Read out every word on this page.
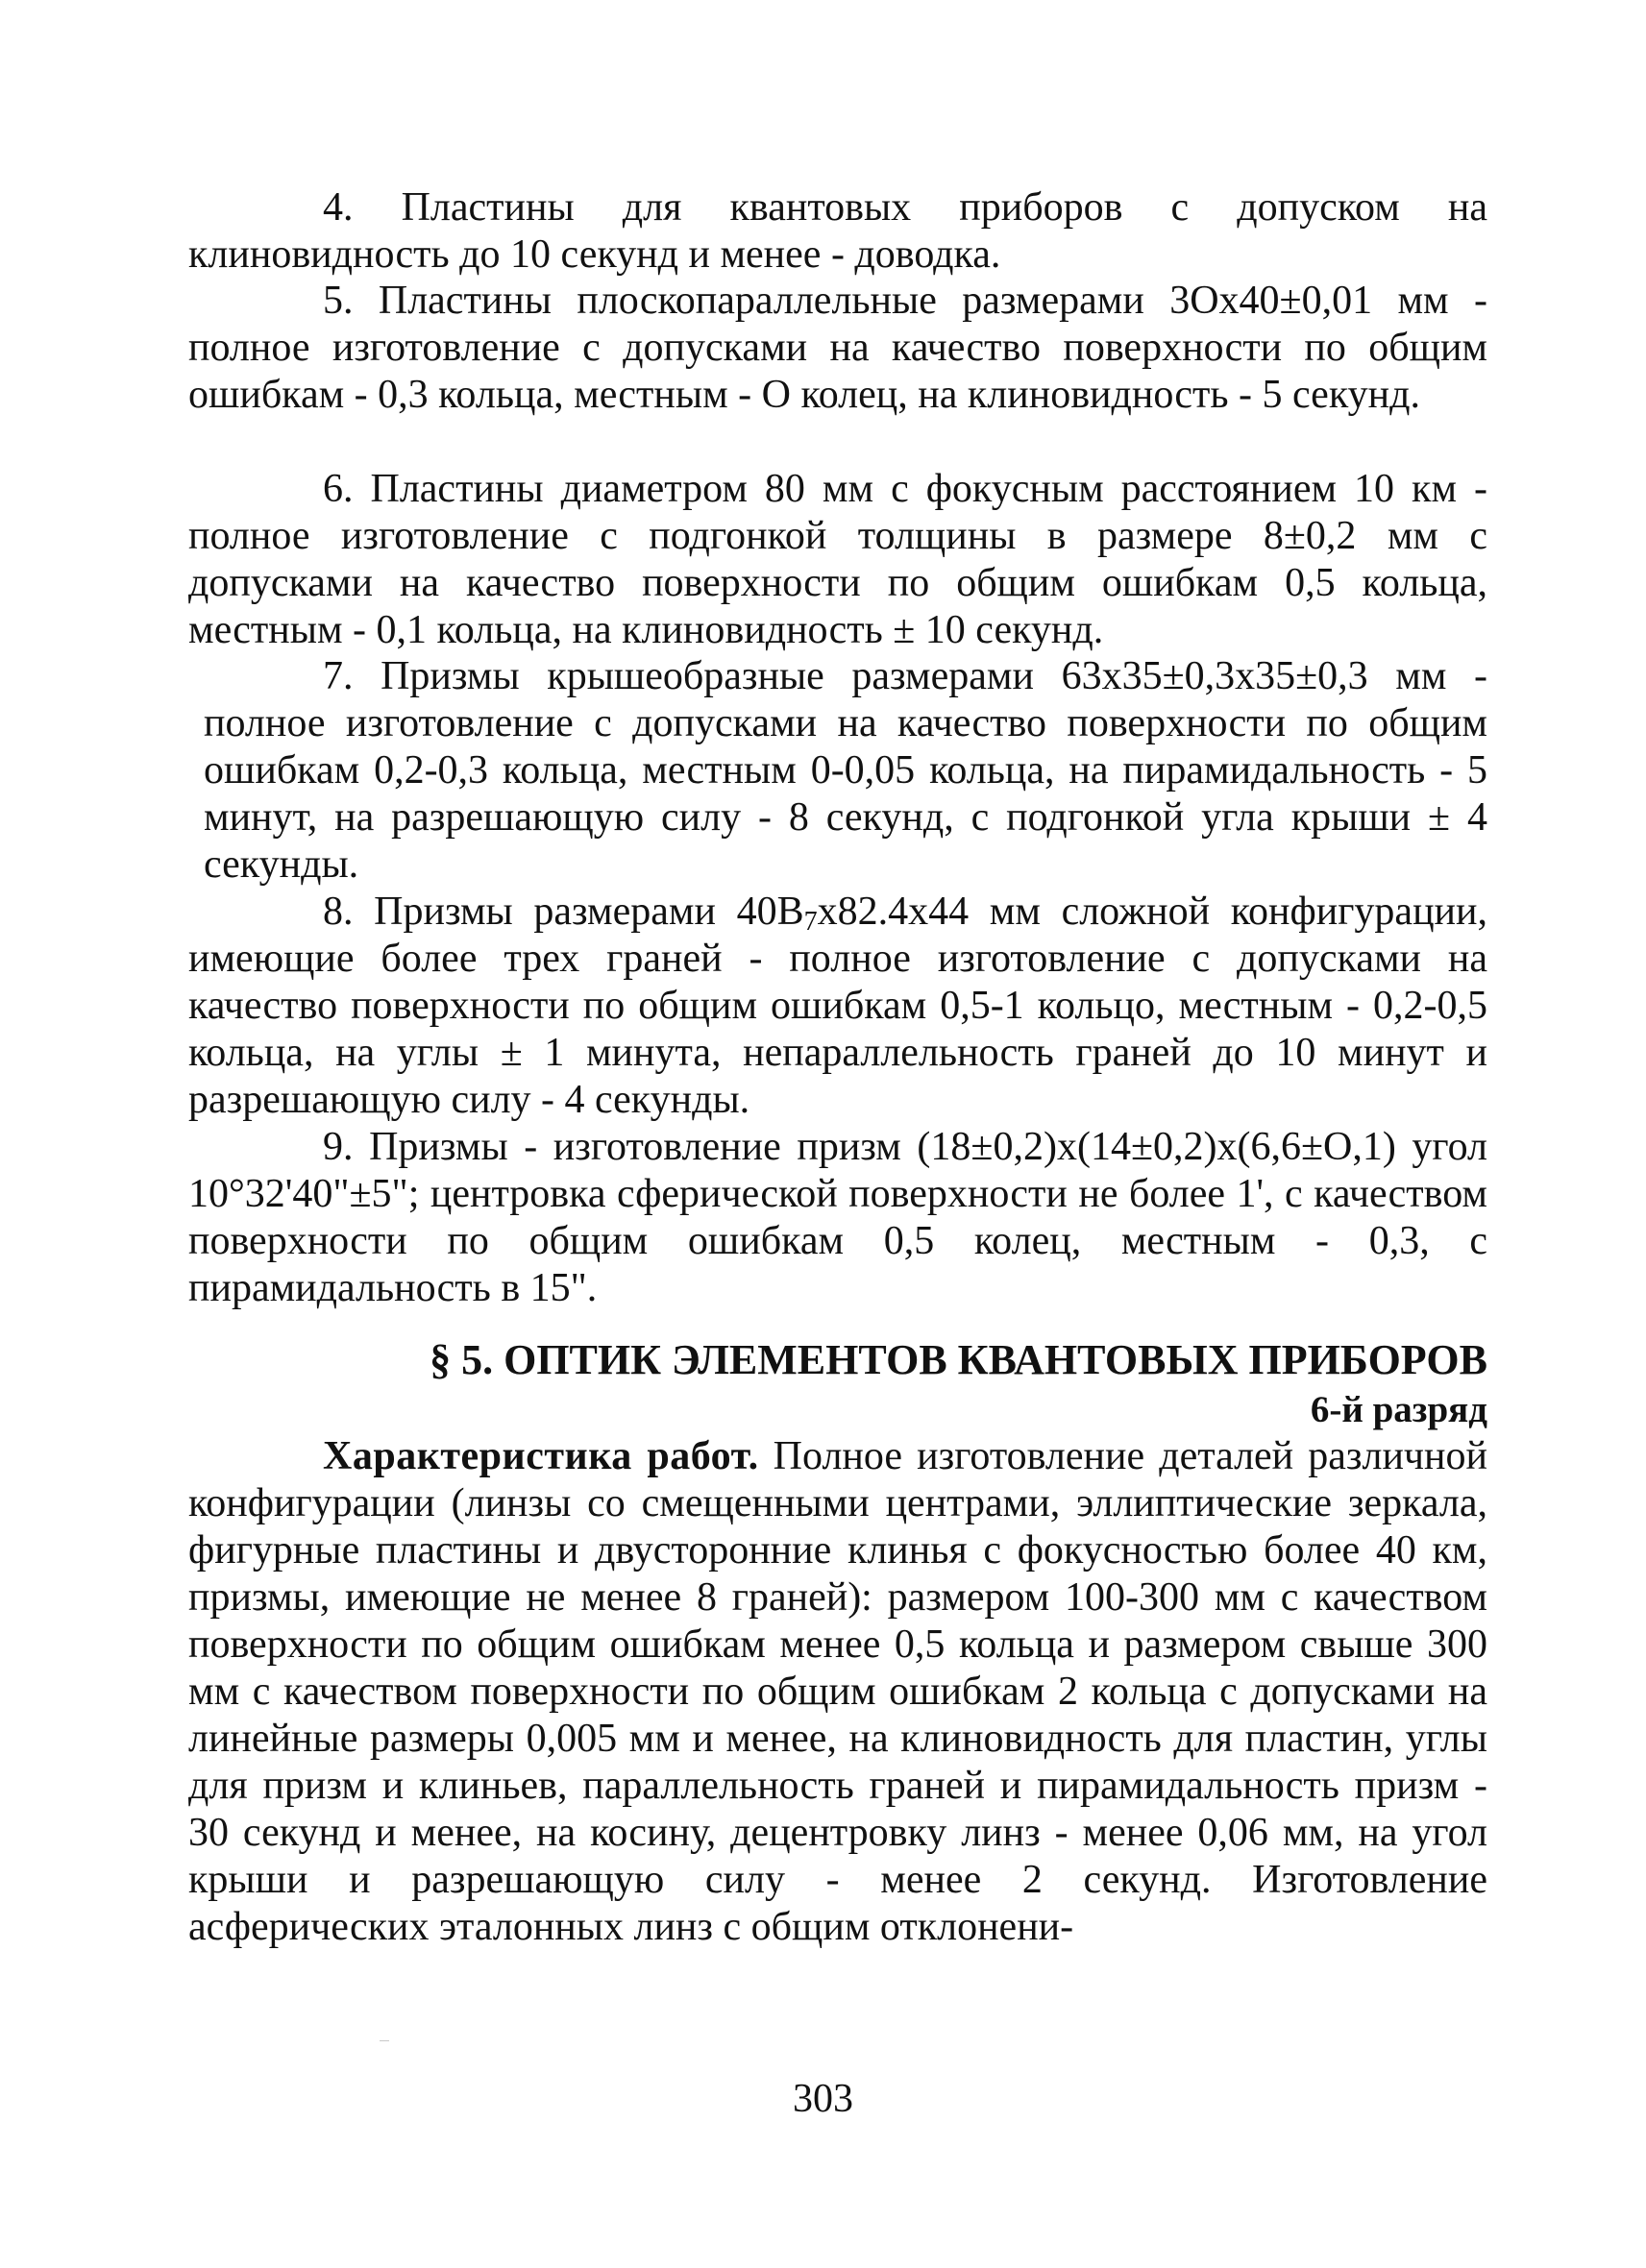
4. Пластины для квантовых приборов с допуском на клиновидность до 10 секунд и менее - доводка.

5. Пластины плоскопараллельные размерами 3Ох40±0,01 мм - полное изготовление с допусками на качество поверхности по общим ошибкам - 0,3 кольца, местным - О колец, на клиновидность - 5 секунд.

6. Пластины диаметром 80 мм с фокусным расстоянием 10 км - полное изготовление с подгонкой толщины в размере 8±0,2 мм с допусками на качество поверхности по общим ошибкам 0,5 кольца, местным - 0,1 кольца, на клиновидность ± 10 секунд.

7. Призмы крышеобразные размерами 63х35±0,3х35±0,3 мм - полное изготовление с допусками на качество поверхности по общим ошибкам 0,2-0,3 кольца, местным 0-0,05 кольца, на пирамидальность - 5 минут, на разрешающую силу - 8 секунд, с подгонкой угла крыши ± 4 секунды.

8. Призмы размерами $40В_7х82.4х44$ мм сложной конфигурации, имеющие более трех граней - полное изготовление с допусками на качество поверхности по общим ошибкам 0,5-1 кольцо, местным - 0,2-0,5 кольца, на углы ± 1 минута, непараллельность граней до 10 минут и разрешающую силу - 4 секунды.

9. Призмы - изготовление призм (18±0,2)х(14±0,2)х(6,6±О,1) угол 10°32'40"±5"; центровка сферической поверхности не более 1', с качеством поверхности по общим ошибкам 0,5 колец, местным - 0,3, с пирамидальность в 15".

§ 5. ОПТИК ЭЛЕМЕНТОВ КВАНТОВЫХ ПРИБОРОВ
6-й разряд

Характеристика работ. Полное изготовление деталей различной конфигурации (линзы со смещенными центрами, эллиптические зеркала, фигурные пластины и двусторонние клинья с фокусностью более 40 км, призмы, имеющие не менее 8 граней): размером 100-300 мм с качеством поверхности по общим ошибкам менее 0,5 кольца и размером свыше 300 мм с качеством поверхности по общим ошибкам 2 кольца с допусками на линейные размеры 0,005 мм и менее, на клиновидность для пластин, углы для призм и клиньев, параллельность граней и пирамидальность призм - 30 секунд и менее, на косину, децентровку линз - менее 0,06 мм, на угол крыши и разрешающую силу - менее 2 секунд. Изготовление асферических эталонных линз с общим отклонени-

303
